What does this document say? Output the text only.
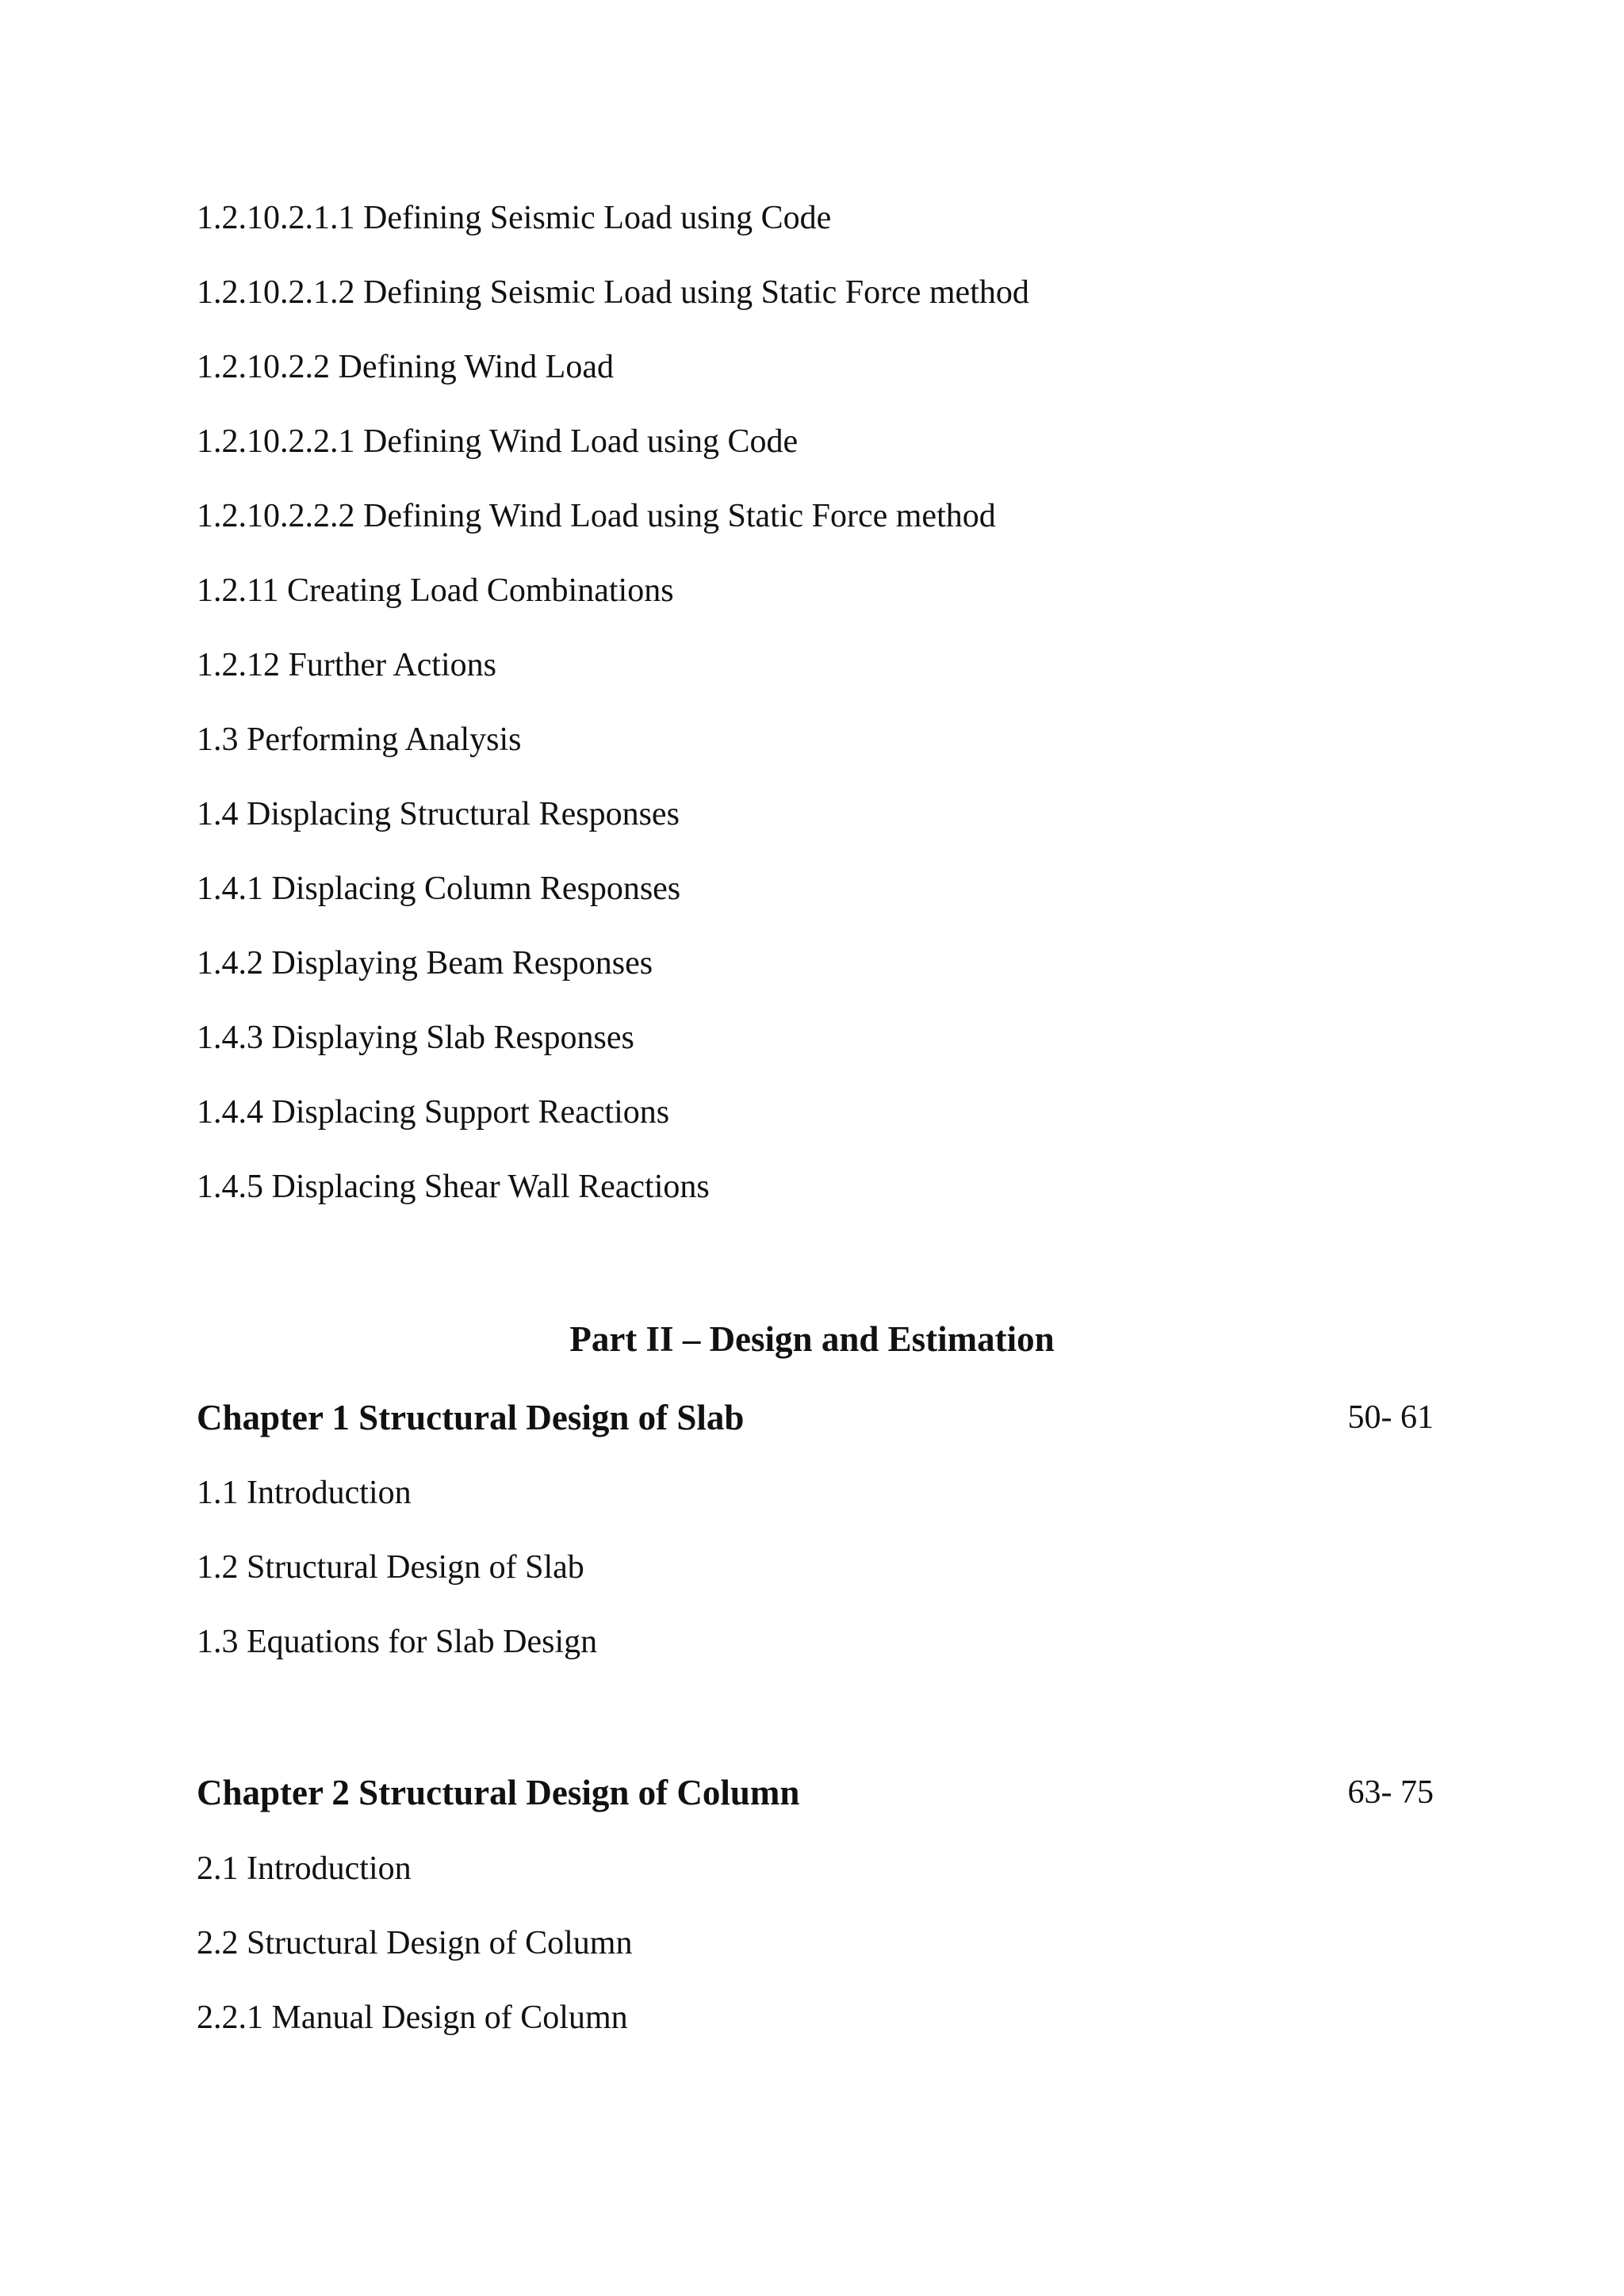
1.2.10.2.1.1 Defining Seismic Load using Code
1.2.10.2.1.2 Defining Seismic Load using Static Force method
1.2.10.2.2 Defining Wind Load
1.2.10.2.2.1 Defining Wind Load using Code
1.2.10.2.2.2 Defining Wind Load using Static Force method
1.2.11 Creating Load Combinations
1.2.12 Further Actions
1.3 Performing Analysis
1.4 Displacing Structural Responses
1.4.1 Displacing Column Responses
1.4.2 Displaying Beam Responses
1.4.3 Displaying Slab Responses
1.4.4 Displacing Support Reactions
1.4.5 Displacing Shear Wall Reactions
Part II – Design and Estimation
Chapter 1 Structural Design of Slab	50- 61
1.1 Introduction
1.2 Structural Design of Slab
1.3 Equations for Slab Design
Chapter 2 Structural Design of Column	63- 75
2.1 Introduction
2.2 Structural Design of Column
2.2.1 Manual Design of Column
